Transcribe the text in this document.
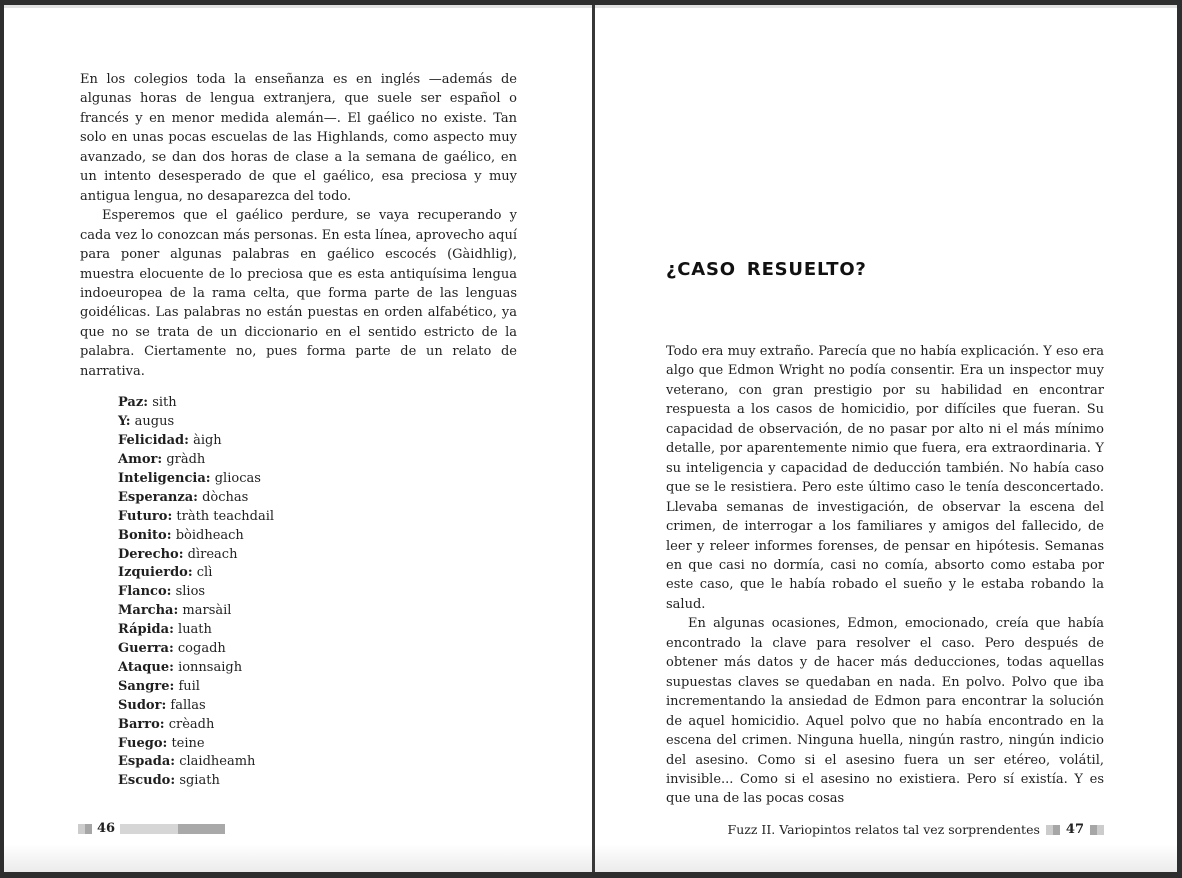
En los colegios toda la enseñanza es en inglés —además de algunas horas de lengua extranjera, que suele ser español o francés y en menor medida alemán—. El gaélico no existe. Tan solo en unas pocas escuelas de las Highlands, como aspecto muy avanzado, se dan dos horas de clase a la semana de gaélico, en un intento desesperado de que el gaélico, esa preciosa y muy antigua lengua, no desaparezca del todo.

Esperemos que el gaélico perdure, se vaya recuperando y cada vez lo conozcan más personas. En esta línea, aprovecho aquí para poner algunas palabras en gaélico escocés (Gàidhlig), muestra elocuente de lo preciosa que es esta antiquísima lengua indoeuropea de la rama celta, que forma parte de las lenguas goidélicas. Las palabras no están puestas en orden alfabético, ya que no se trata de un diccionario en el sentido estricto de la palabra. Ciertamente no, pues forma parte de un relato de narrativa.

Paz: sith
Y: augus
Felicidad: àigh
Amor: gràdh
Inteligencia: gliocas
Esperanza: dòchas
Futuro: tràth teachdail
Bonito: bòidheach
Derecho: dìreach
Izquierdo: clì
Flanco: slios
Marcha: marsàil
Rápida: luath
Guerra: cogadh
Ataque: ionnsaigh
Sangre: fuil
Sudor: fallas
Barro: crèadh
Fuego: teine
Espada: claidheamh
Escudo: sgiath
46
¿CASO RESUELTO?

Todo era muy extraño. Parecía que no había explicación. Y eso era algo que Edmon Wright no podía consentir. Era un inspector muy veterano, con gran prestigio por su habilidad en encontrar respuesta a los casos de homicidio, por difíciles que fueran. Su capacidad de observación, de no pasar por alto ni el más mínimo detalle, por aparentemente nimio que fuera, era extraordinaria. Y su inteligencia y capacidad de deducción también. No había caso que se le resistiera. Pero este último caso le tenía desconcertado. Llevaba semanas de investigación, de observar la escena del crimen, de interrogar a los familiares y amigos del fallecido, de leer y releer informes forenses, de pensar en hipótesis. Semanas en que casi no dormía, casi no comía, absorto como estaba por este caso, que le había robado el sueño y le estaba robando la salud.

En algunas ocasiones, Edmon, emocionado, creía que había encontrado la clave para resolver el caso. Pero después de obtener más datos y de hacer más deducciones, todas aquellas supuestas claves se quedaban en nada. En polvo. Polvo que iba incrementando la ansiedad de Edmon para encontrar la solución de aquel homicidio. Aquel polvo que no había encontrado en la escena del crimen. Ninguna huella, ningún rastro, ningún indicio del asesino. Como si el asesino fuera un ser etéreo, volátil, invisible... Como si el asesino no existiera. Pero sí existía. Y es que una de las pocas cosas

Fuzz II. Variopintos relatos tal vez sorprendentes 47
